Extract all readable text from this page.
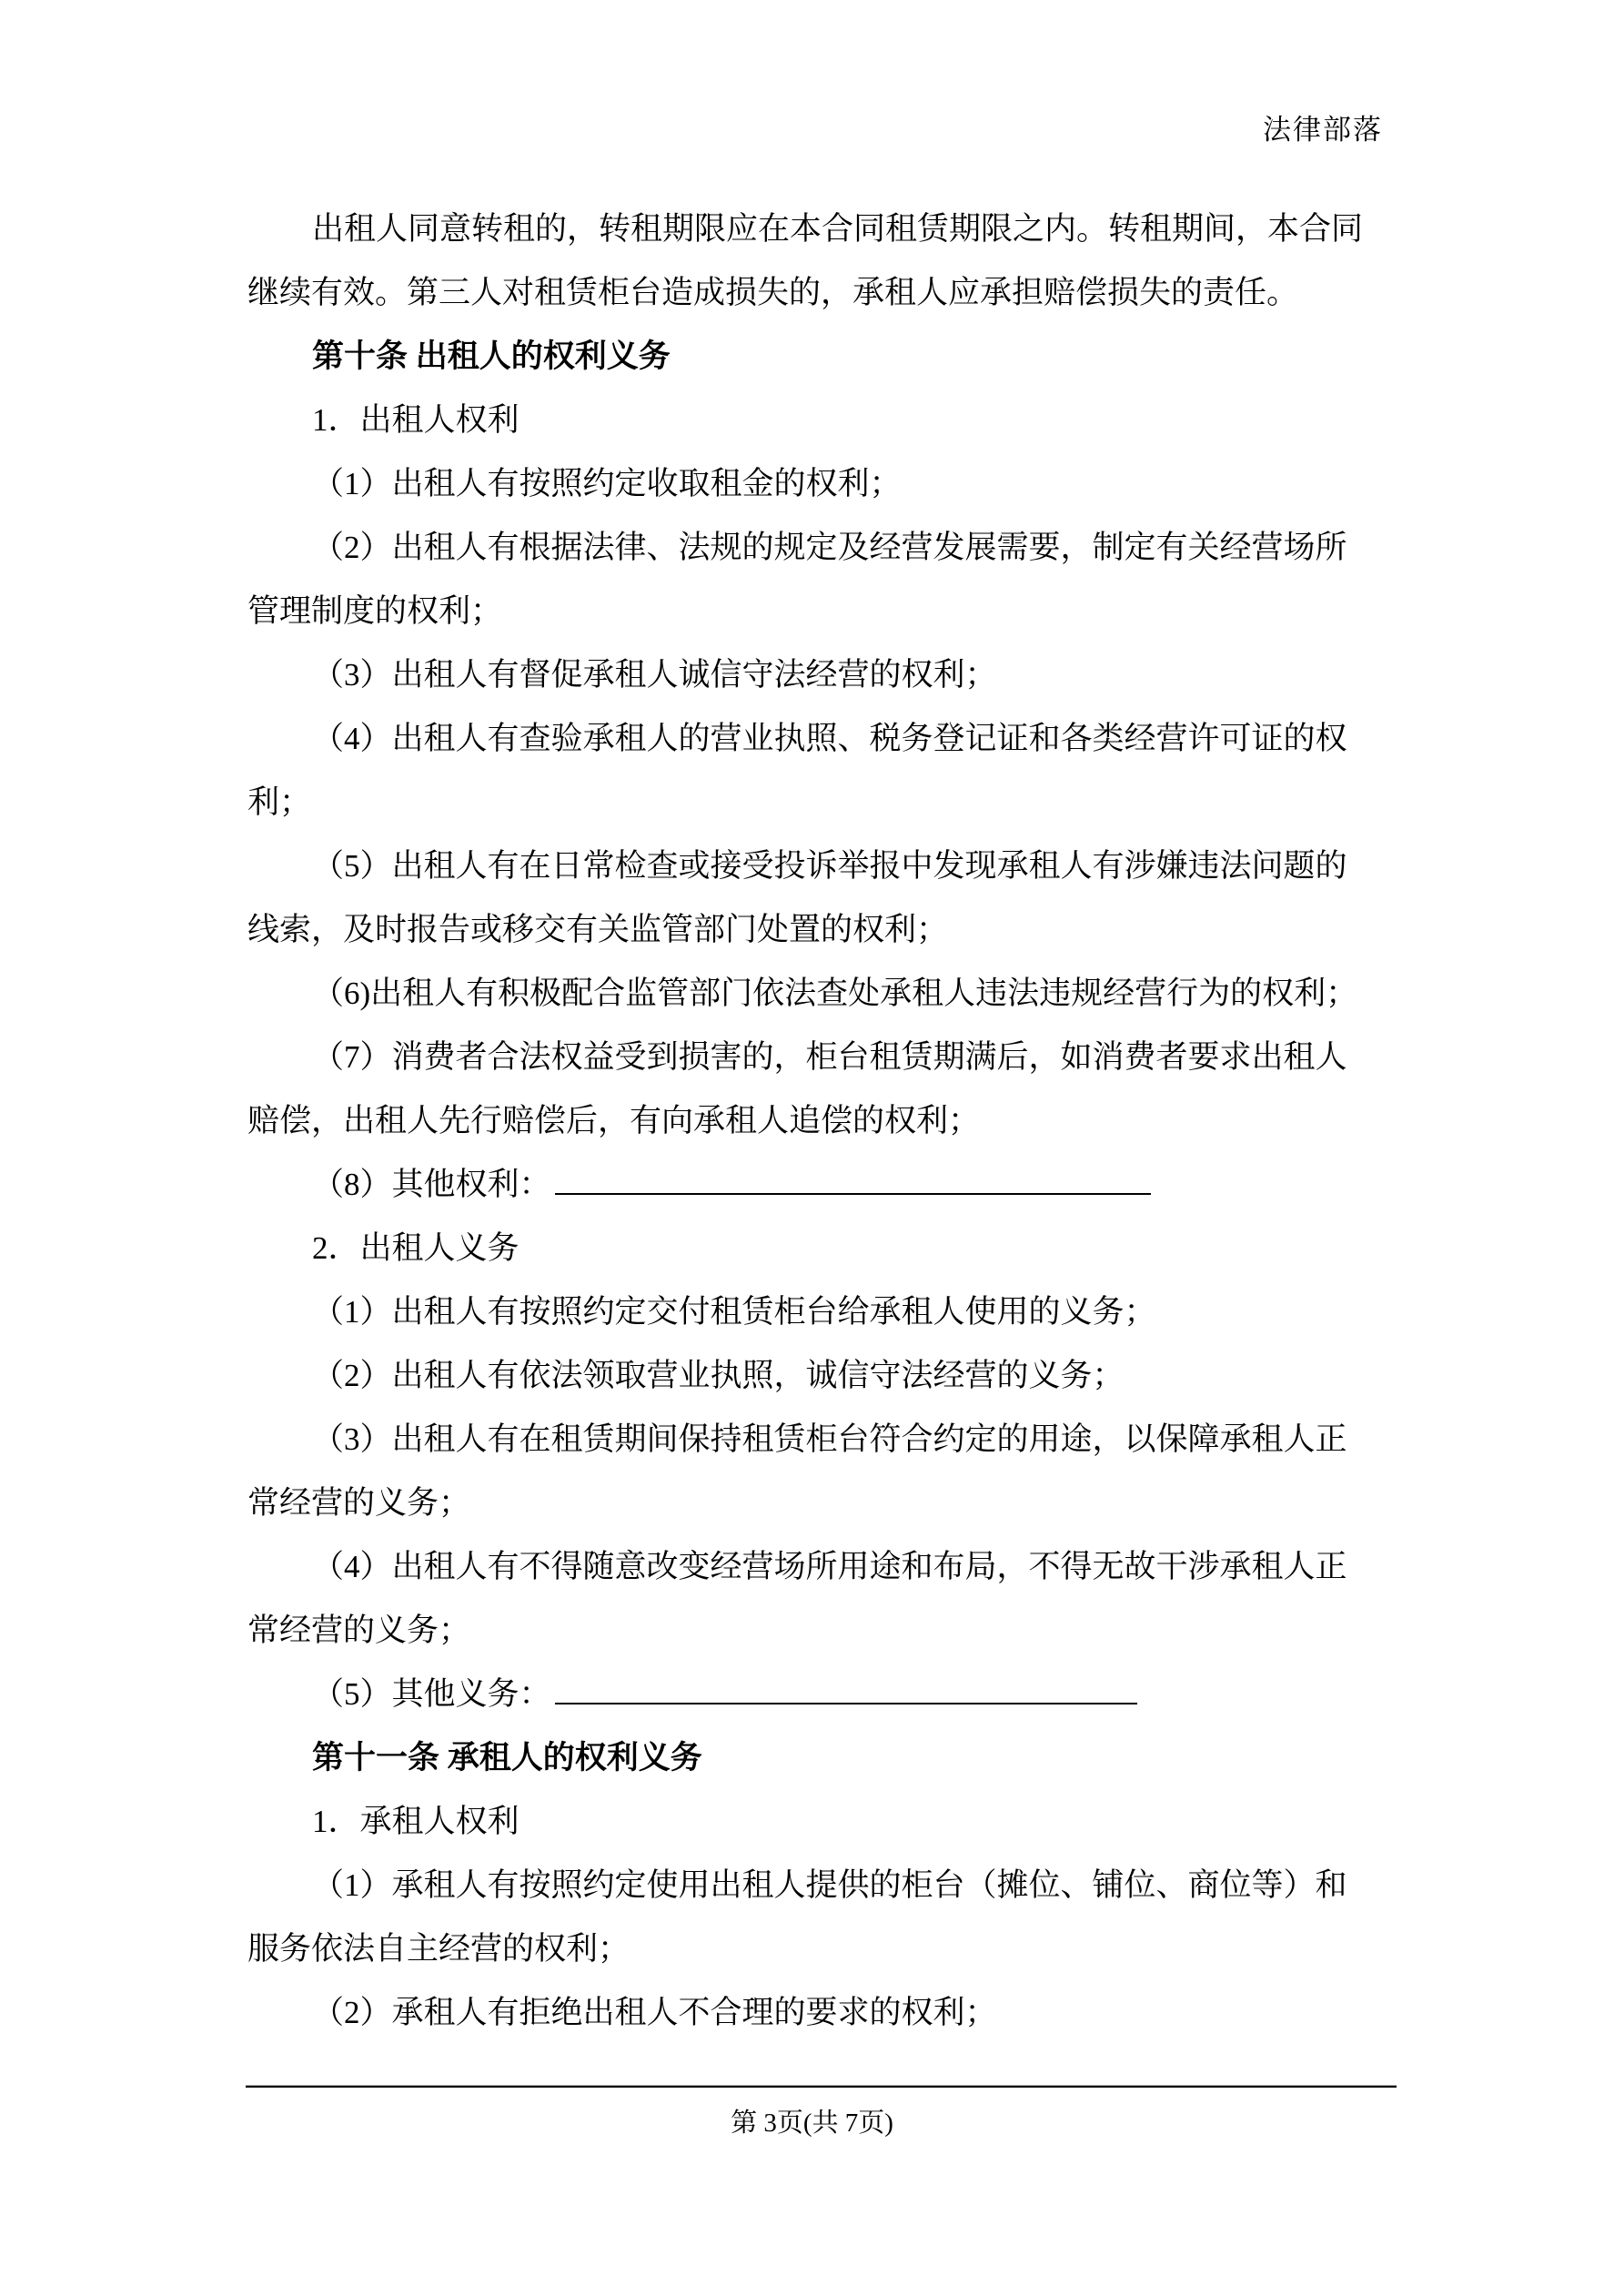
法律部落
出租人同意转租的，转租期限应在本合同租赁期限之内。转租期间，本合同
继续有效。第三人对租赁柜台造成损失的，承租人应承担赔偿损失的责任。
第十条 出租人的权利义务
1．出租人权利
（1）出租人有按照约定收取租金的权利；
（2）出租人有根据法律、法规的规定及经营发展需要，制定有关经营场所
管理制度的权利；
（3）出租人有督促承租人诚信守法经营的权利；
（4）出租人有查验承租人的营业执照、税务登记证和各类经营许可证的权
利；
（5）出租人有在日常检查或接受投诉举报中发现承租人有涉嫌违法问题的
线索，及时报告或移交有关监管部门处置的权利；
（6)出租人有积极配合监管部门依法查处承租人违法违规经营行为的权利；
（7）消费者合法权益受到损害的，柜台租赁期满后，如消费者要求出租人
赔偿，出租人先行赔偿后，有向承租人追偿的权利；
（8）其他权利：
2．出租人义务
（1）出租人有按照约定交付租赁柜台给承租人使用的义务；
（2）出租人有依法领取营业执照，诚信守法经营的义务；
（3）出租人有在租赁期间保持租赁柜台符合约定的用途，以保障承租人正
常经营的义务；
（4）出租人有不得随意改变经营场所用途和布局，不得无故干涉承租人正
常经营的义务；
（5）其他义务：
第十一条 承租人的权利义务
1．承租人权利
（1）承租人有按照约定使用出租人提供的柜台（摊位、铺位、商位等）和
服务依法自主经营的权利；
（2）承租人有拒绝出租人不合理的要求的权利；
第 3页(共 7页)
